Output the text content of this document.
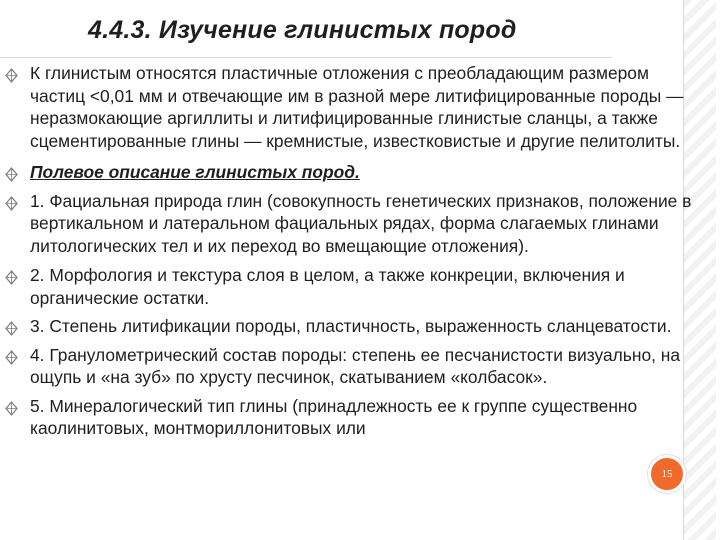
4.4.3. Изучение глинистых пород
К глинистым относятся пластичные отложения с преобладающим размером частиц <0,01 мм и отвечающие им в разной мере литифицированные породы — неразмокающие аргиллиты и литифицированные глинистые сланцы, а также сцементированные глины — кремнистые, известковистые и другие пелитолиты.
Полевое описание глинистых пород.
1. Фациальная природа глин (совокупность генетических признаков, положение в вертикальном и латеральном фациальных рядах, форма слагаемых глинами литологических тел и их переход во вмещающие отложения).
2. Морфология и текстура слоя в целом, а также конкреции, включения и органические остатки.
3. Степень литификации породы, пластичность, выраженность сланцеватости.
4. Гранулометрический состав породы: степень ее песчанистости визуально, на ощупь и «на зуб» по хрусту песчинок, скатыванием «колбасок».
5. Минералогический тип глины (принадлежность ее к группе существенно каолинитовых, монтмориллонитовых или
15
